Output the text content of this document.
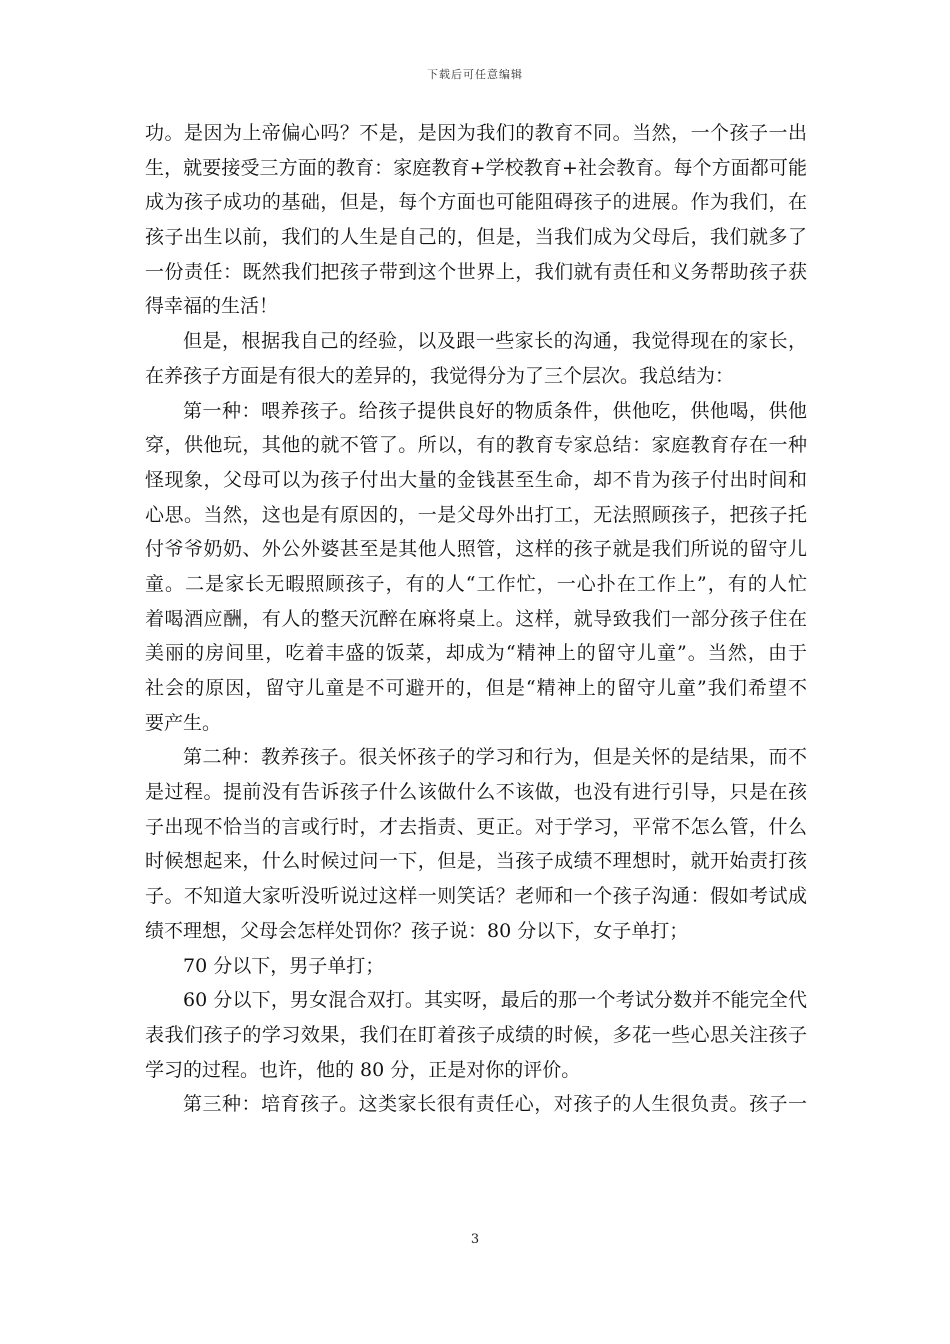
下载后可任意编辑
功。是因为上帝偏心吗？不是，是因为我们的教育不同。当然，一个孩子一出
生，就要接受三方面的教育：家庭教育+学校教育+社会教育。每个方面都可能
成为孩子成功的基础，但是，每个方面也可能阻碍孩子的进展。作为我们，在
孩子出生以前，我们的人生是自己的，但是，当我们成为父母后，我们就多了
一份责任：既然我们把孩子带到这个世界上，我们就有责任和义务帮助孩子获
得幸福的生活！
但是，根据我自己的经验，以及跟一些家长的沟通，我觉得现在的家长，
在养孩子方面是有很大的差异的，我觉得分为了三个层次。我总结为：
第一种：喂养孩子。给孩子提供良好的物质条件，供他吃，供他喝，供他
穿，供他玩，其他的就不管了。所以，有的教育专家总结：家庭教育存在一种
怪现象，父母可以为孩子付出大量的金钱甚至生命，却不肯为孩子付出时间和
心思。当然，这也是有原因的，一是父母外出打工，无法照顾孩子，把孩子托
付爷爷奶奶、外公外婆甚至是其他人照管，这样的孩子就是我们所说的留守儿
童。二是家长无暇照顾孩子，有的人“工作忙，一心扑在工作上”，有的人忙
着喝酒应酬，有人的整天沉醉在麻将桌上。这样，就导致我们一部分孩子住在
美丽的房间里，吃着丰盛的饭菜，却成为“精神上的留守儿童”。当然，由于
社会的原因，留守儿童是不可避开的，但是“精神上的留守儿童”我们希望不
要产生。
第二种：教养孩子。很关怀孩子的学习和行为，但是关怀的是结果，而不
是过程。提前没有告诉孩子什么该做什么不该做，也没有进行引导，只是在孩
子出现不恰当的言或行时，才去指责、更正。对于学习，平常不怎么管，什么
时候想起来，什么时候过问一下，但是，当孩子成绩不理想时，就开始责打孩
子。不知道大家听没听说过这样一则笑话？老师和一个孩子沟通：假如考试成
绩不理想，父母会怎样处罚你？孩子说：80 分以下，女子单打；
70 分以下，男子单打；
60 分以下，男女混合双打。其实呀，最后的那一个考试分数并不能完全代
表我们孩子的学习效果，我们在盯着孩子成绩的时候，多花一些心思关注孩子
学习的过程。也许，他的 80 分，正是对你的评价。
第三种：培育孩子。这类家长很有责任心，对孩子的人生很负责。孩子一
3
